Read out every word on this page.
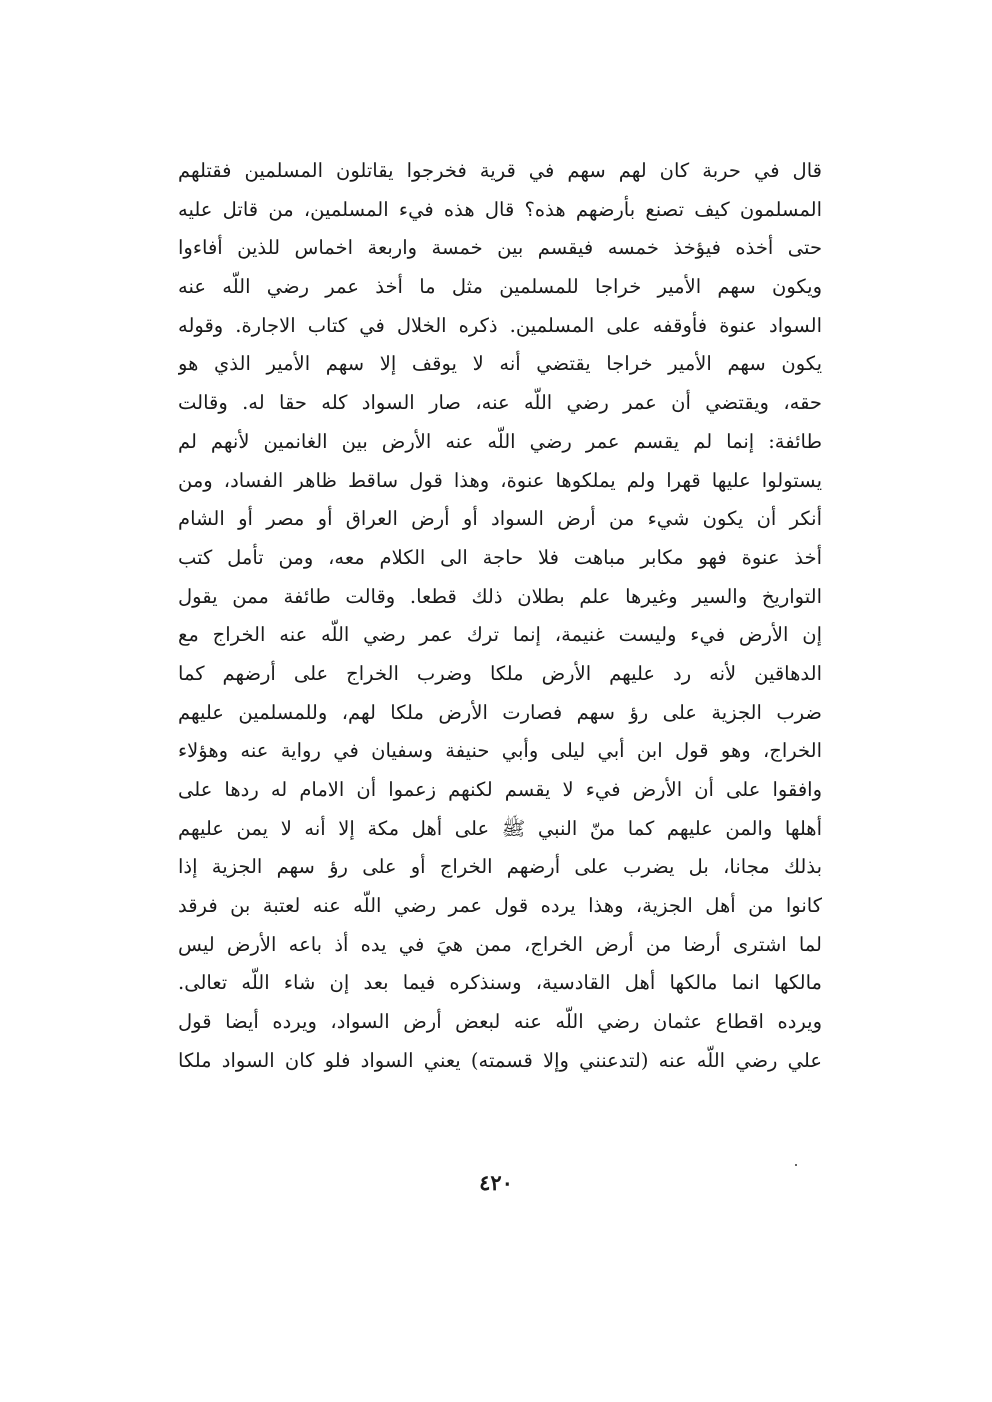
قال في حربة كان لهم سهم في قرية فخرجوا يقاتلون المسلمين فقتلهم
المسلمون كيف تصنع بأرضهم هذه؟ قال هذه فيء المسلمين، من قاتل عليه
حتى أخذه فيؤخذ خمسه فيقسم بين خمسة واربعة اخماس للذين أفاءوا
ويكون سهم الأمير خراجا للمسلمين مثل ما أخذ عمر رضي اللّه عنه
السواد عنوة فأوقفه على المسلمين. ذكره الخلال في كتاب الاجارة. وقوله
يكون سهم الأمير خراجا يقتضي أنه لا يوقف إلا سهم الأمير الذي هو
حقه، ويقتضي أن عمر رضي اللّه عنه، صار السواد كله حقا له. وقالت
طائفة: إنما لم يقسم عمر رضي اللّه عنه الأرض بين الغانمين لأنهم لم
يستولوا عليها قهرا ولم يملكوها عنوة، وهذا قول ساقط ظاهر الفساد، ومن
أنكر أن يكون شيء من أرض السواد أو أرض العراق أو مصر أو الشام
أخذ عنوة فهو مكابر مباهت فلا حاجة الى الكلام معه، ومن تأمل كتب
التواريخ والسير وغيرها علم بطلان ذلك قطعا. وقالت طائفة ممن يقول
إن الأرض فيء وليست غنيمة، إنما ترك عمر رضي اللّه عنه الخراج مع
الدهاقين لأنه رد عليهم الأرض ملكا وضرب الخراج على أرضهم كما
ضرب الجزية على رؤ سهم فصارت الأرض ملكا لهم، وللمسلمين عليهم
الخراج، وهو قول ابن أبي ليلى وأبي حنيفة وسفيان في رواية عنه وهؤلاء
وافقوا على أن الأرض فيء لا يقسم لكنهم زعموا أن الامام له ردها على
أهلها والمن عليهم كما منّ النبي ﷺ على أهل مكة إلا أنه لا يمن عليهم
بذلك مجانا، بل يضرب على أرضهم الخراج أو على رؤ سهم الجزية إذا
كانوا من أهل الجزية، وهذا يرده قول عمر رضي اللّه عنه لعتبة بن فرقد
لما اشترى أرضا من أرض الخراج، ممن هيَ في يده أذ باعه الأرض ليس
مالكها انما مالكها أهل القادسية، وسنذكره فيما بعد إن شاء اللّه تعالى.
ويرده اقطاع عثمان رضي اللّه عنه لبعض أرض السواد، ويرده أيضا قول
علي رضي اللّه عنه (لتدعنني وإلا قسمته) يعني السواد فلو كان السواد ملكا
٤٢٠
